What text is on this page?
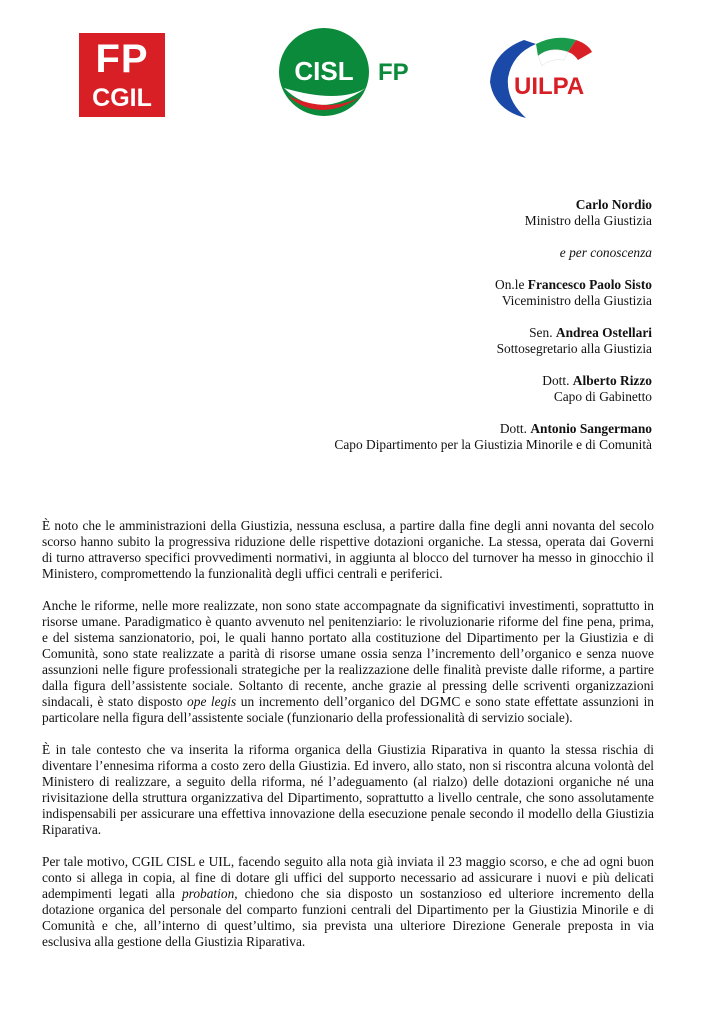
FP
CGIL
CISL FP
UILPA
Carlo Nordio
Ministro della Giustizia
e per conoscenza
On.le Francesco Paolo Sisto
Viceministro della Giustizia
Sen. Andrea Ostellari
Sottosegretario alla Giustizia
Dott. Alberto Rizzo
Capo di Gabinetto
Dott. Antonio Sangermano
Capo Dipartimento per la Giustizia Minorile e di Comunità

È noto che le amministrazioni della Giustizia, nessuna esclusa, a partire dalla fine degli anni novanta del secolo scorso hanno subito la progressiva riduzione delle rispettive dotazioni organiche. La stessa, operata dai Governi di turno attraverso specifici provvedimenti normativi, in aggiunta al blocco del turnover ha messo in ginocchio il Ministero, compromettendo la funzionalità degli uffici centrali e periferici.

Anche le riforme, nelle more realizzate, non sono state accompagnate da significativi investimenti, soprattutto in risorse umane. Paradigmatico è quanto avvenuto nel penitenziario: le rivoluzionarie riforme del fine pena, prima, e del sistema sanzionatorio, poi, le quali hanno portato alla costituzione del Dipartimento per la Giustizia e di Comunità, sono state realizzate a parità di risorse umane ossia senza l’incremento dell’organico e senza nuove assunzioni nelle figure professionali strategiche per la realizzazione delle finalità previste dalle riforme, a partire dalla figura dell’assistente sociale. Soltanto di recente, anche grazie al pressing delle scriventi organizzazioni sindacali, è stato disposto ope legis un incremento dell’organico del DGMC e sono state effettate assunzioni in particolare nella figura dell’assistente sociale (funzionario della professionalità di servizio sociale).

È in tale contesto che va inserita la riforma organica della Giustizia Riparativa in quanto la stessa rischia di diventare l’ennesima riforma a costo zero della Giustizia. Ed invero, allo stato, non si riscontra alcuna volontà del Ministero di realizzare, a seguito della riforma, né l’adeguamento (al rialzo) delle dotazioni organiche né una rivisitazione della struttura organizzativa del Dipartimento, soprattutto a livello centrale, che sono assolutamente indispensabili per assicurare una effettiva innovazione della esecuzione penale secondo il modello della Giustizia Riparativa.

Per tale motivo, CGIL CISL e UIL, facendo seguito alla nota già inviata il 23 maggio scorso, e che ad ogni buon conto si allega in copia, al fine di dotare gli uffici del supporto necessario ad assicurare i nuovi e più delicati adempimenti legati alla probation, chiedono che sia disposto un sostanzioso ed ulteriore incremento della dotazione organica del personale del comparto funzioni centrali del Dipartimento per la Giustizia Minorile e di Comunità e che, all’interno di quest’ultimo, sia prevista una ulteriore Direzione Generale preposta in via esclusiva alla gestione della Giustizia Riparativa.
